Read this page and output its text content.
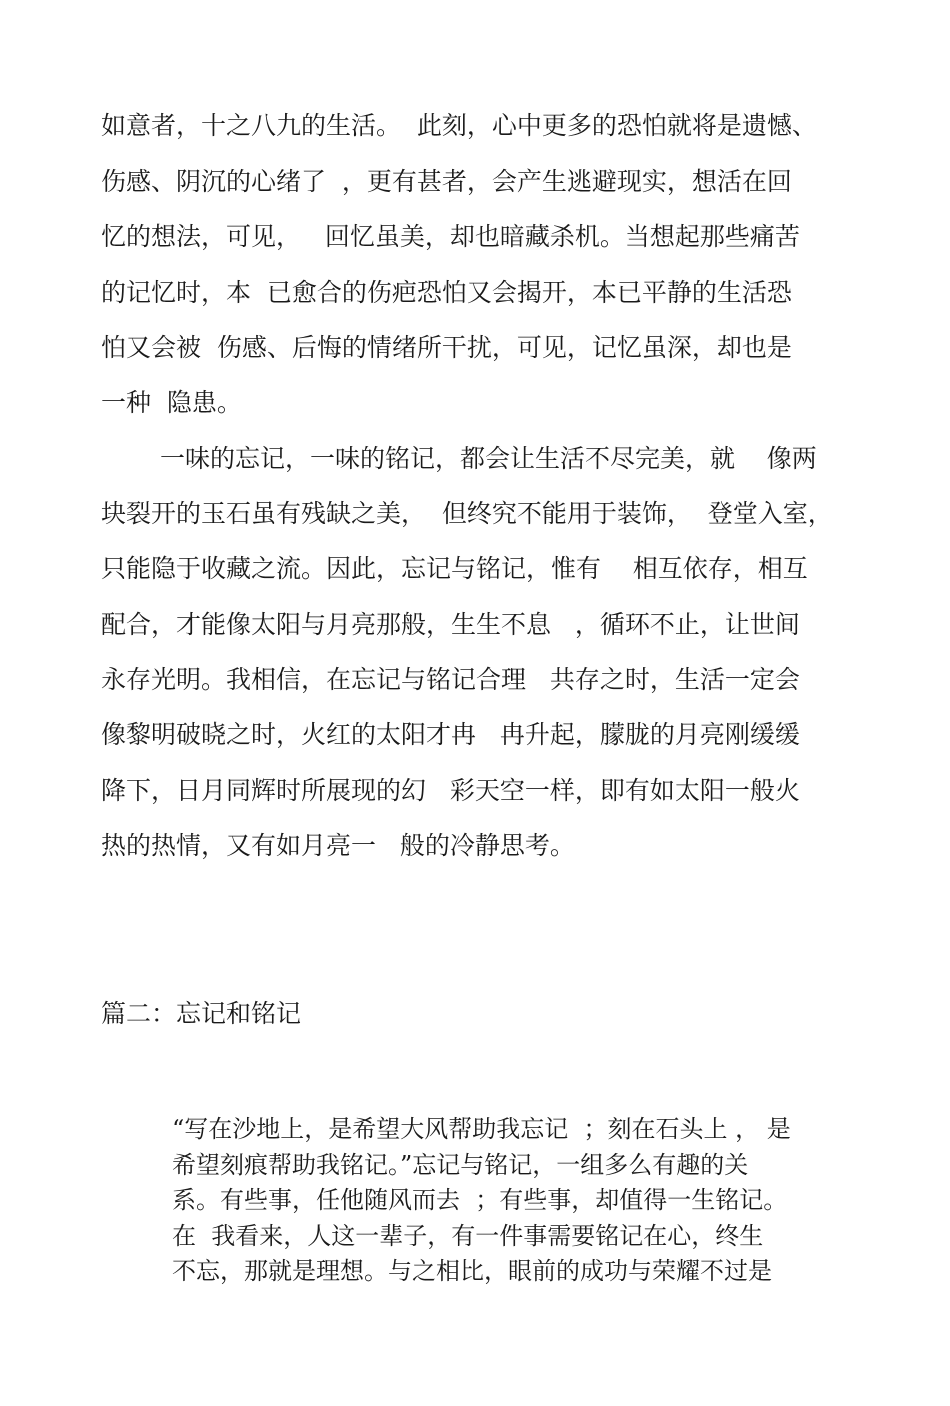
如意者，十之八九的生活。  此刻，心中更多的恐怕就将是遗憾、
伤感、阴沉的心绪了  ，更有甚者，会产生逃避现实，想活在回
忆的想法，可见，   回忆虽美，却也暗藏杀机。当想起那些痛苦
的记忆时，本  已愈合的伤疤恐怕又会揭开，本已平静的生活恐
怕又会被  伤感、后悔的情绪所干扰，可见，记忆虽深，却也是
一种  隐患。
一味的忘记，一味的铭记，都会让生活不尽完美，就    像两
块裂开的玉石虽有残缺之美，  但终究不能用于装饰，  登堂入室，
只能隐于收藏之流。因此，忘记与铭记，惟有    相互依存，相互
配合，才能像太阳与月亮那般，生生不息   ，循环不止，让世间
永存光明。我相信，在忘记与铭记合理   共存之时，生活一定会
像黎明破晓之时，火红的太阳才冉   冉升起，朦胧的月亮刚缓缓
降下，日月同辉时所展现的幻   彩天空一样，即有如太阳一般火
热的热情，又有如月亮一   般的冷静思考。
篇二：忘记和铭记
“写在沙地上，是希望大风帮助我忘记  ；刻在石头上 ， 是
希望刻痕帮助我铭记。”忘记与铭记，一组多么有趣的关
系。有些事，任他随风而去  ；有些事，却值得一生铭记。
在  我看来，人这一辈子，有一件事需要铭记在心，终生
不忘，那就是理想。与之相比，眼前的成功与荣耀不过是
